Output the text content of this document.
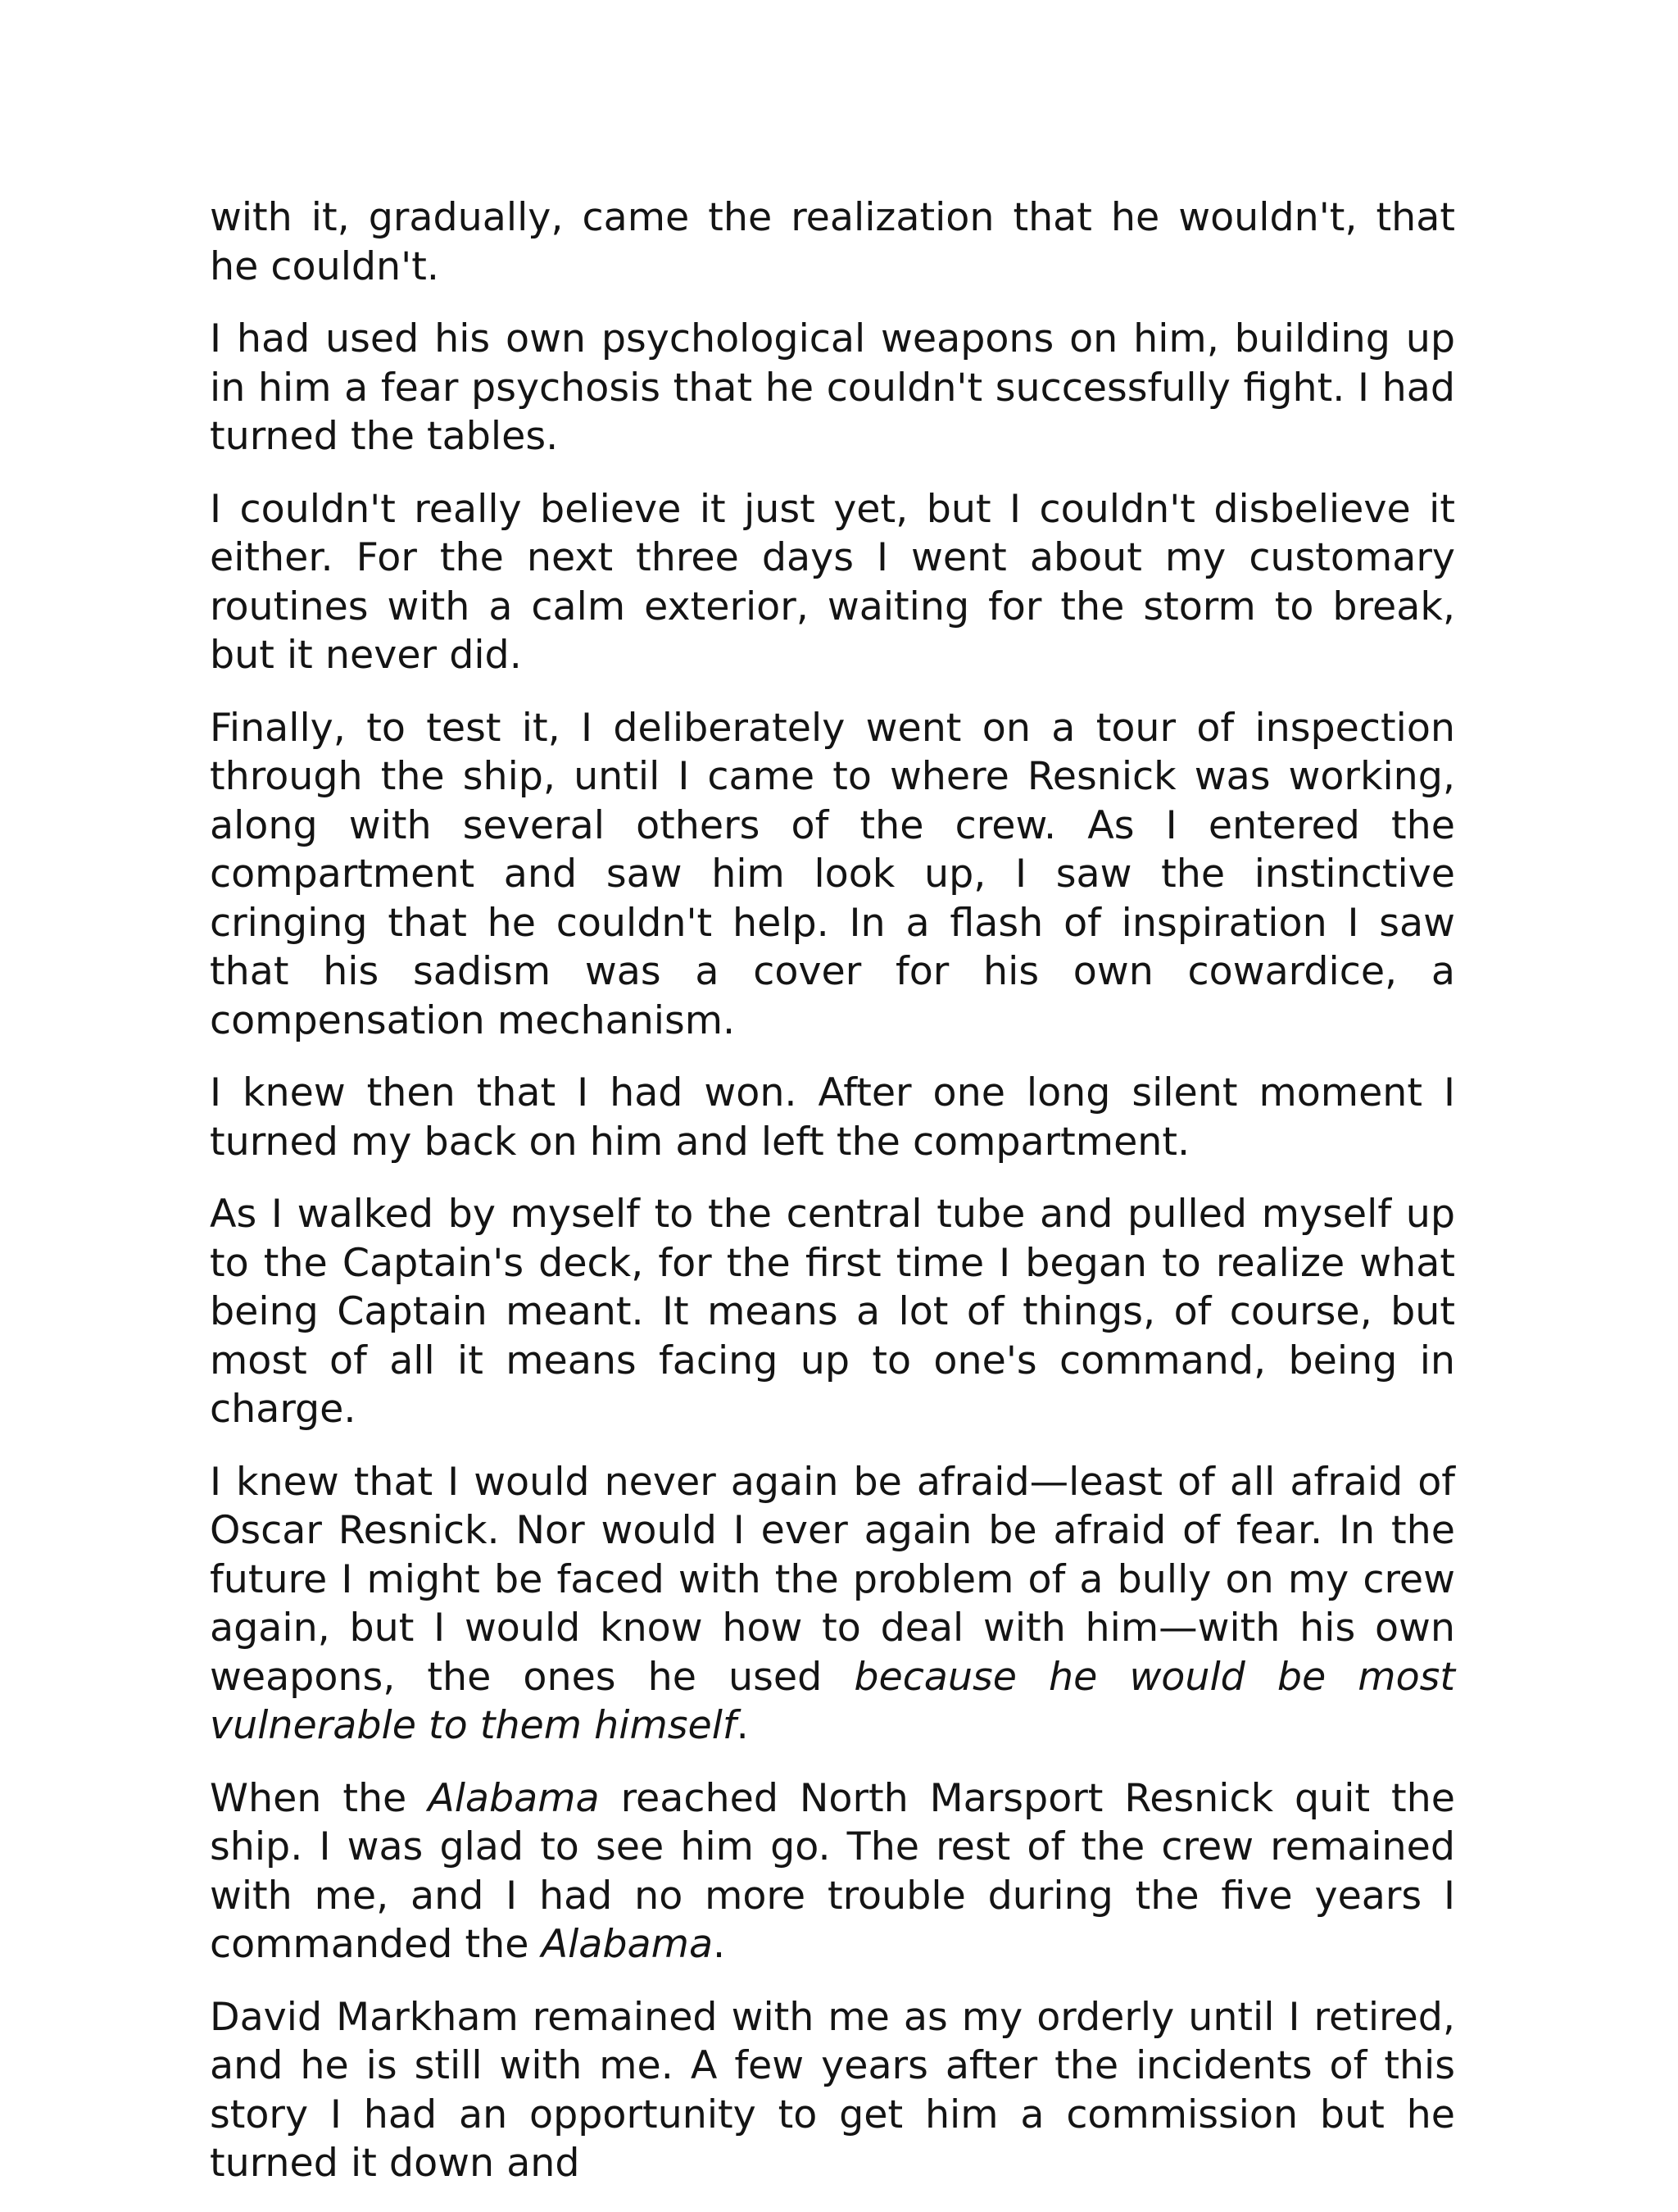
with it, gradually, came the realization that he wouldn't, that he couldn't.

I had used his own psychological weapons on him, building up in him a fear psychosis that he couldn't successfully fight. I had turned the tables.

I couldn't really believe it just yet, but I couldn't disbelieve it either. For the next three days I went about my customary routines with a calm exterior, waiting for the storm to break, but it never did.

Finally, to test it, I deliberately went on a tour of inspection through the ship, until I came to where Resnick was working, along with several others of the crew. As I entered the compartment and saw him look up, I saw the instinctive cringing that he couldn't help. In a flash of inspiration I saw that his sadism was a cover for his own cowardice, a compensation mechanism.

I knew then that I had won. After one long silent moment I turned my back on him and left the compartment.

As I walked by myself to the central tube and pulled myself up to the Captain's deck, for the first time I began to realize what being Captain meant. It means a lot of things, of course, but most of all it means facing up to one's command, being in charge.

I knew that I would never again be afraid—least of all afraid of Oscar Resnick. Nor would I ever again be afraid of fear. In the future I might be faced with the problem of a bully on my crew again, but I would know how to deal with him—with his own weapons, the ones he used because he would be most vulnerable to them himself.

When the Alabama reached North Marsport Resnick quit the ship. I was glad to see him go. The rest of the crew remained with me, and I had no more trouble during the five years I commanded the Alabama.

David Markham remained with me as my orderly until I retired, and he is still with me. A few years after the incidents of this story I had an opportunity to get him a commission but he turned it down and
